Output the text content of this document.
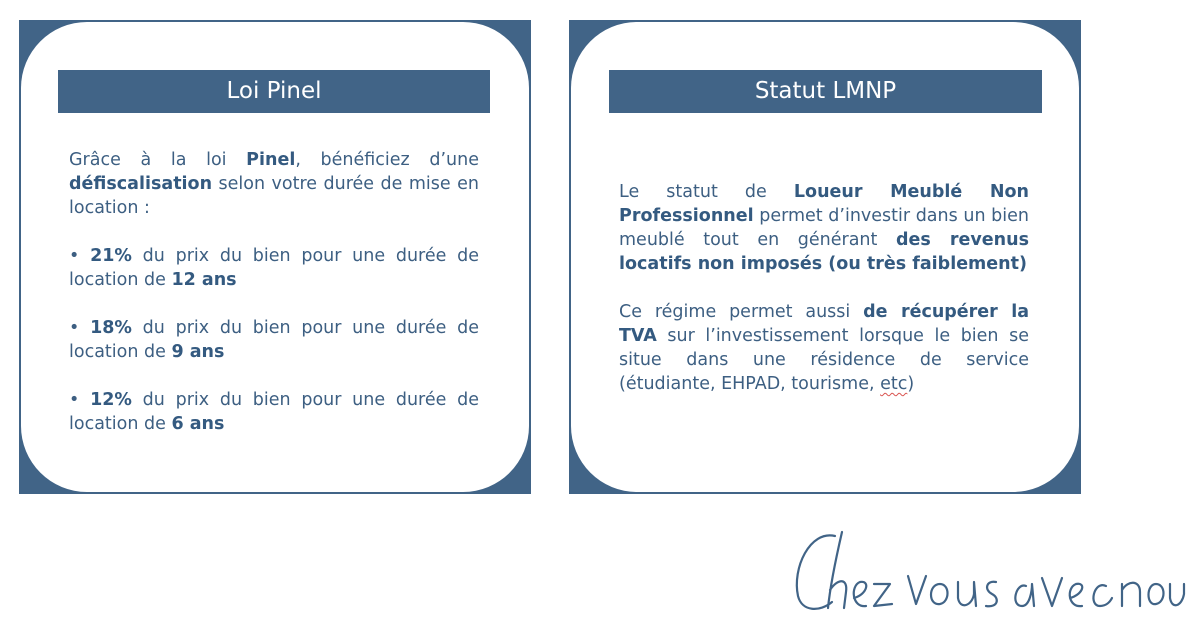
Loi Pinel

Grâce à la loi Pinel, bénéficiez d’une défiscalisation selon votre durée de mise en location :

• 21% du prix du bien pour une durée de location de 12 ans

• 18% du prix du bien pour une durée de location de 9 ans

• 12% du prix du bien pour une durée de location de 6 ans

Statut LMNP

Le statut de Loueur Meublé Non Professionnel permet d’investir dans un bien meublé tout en générant des revenus locatifs non imposés (ou très faiblement)

Ce régime permet aussi de récupérer la TVA sur l’investissement lorsque le bien se situe dans une résidence de service (étudiante, EHPAD, tourisme, etc)
